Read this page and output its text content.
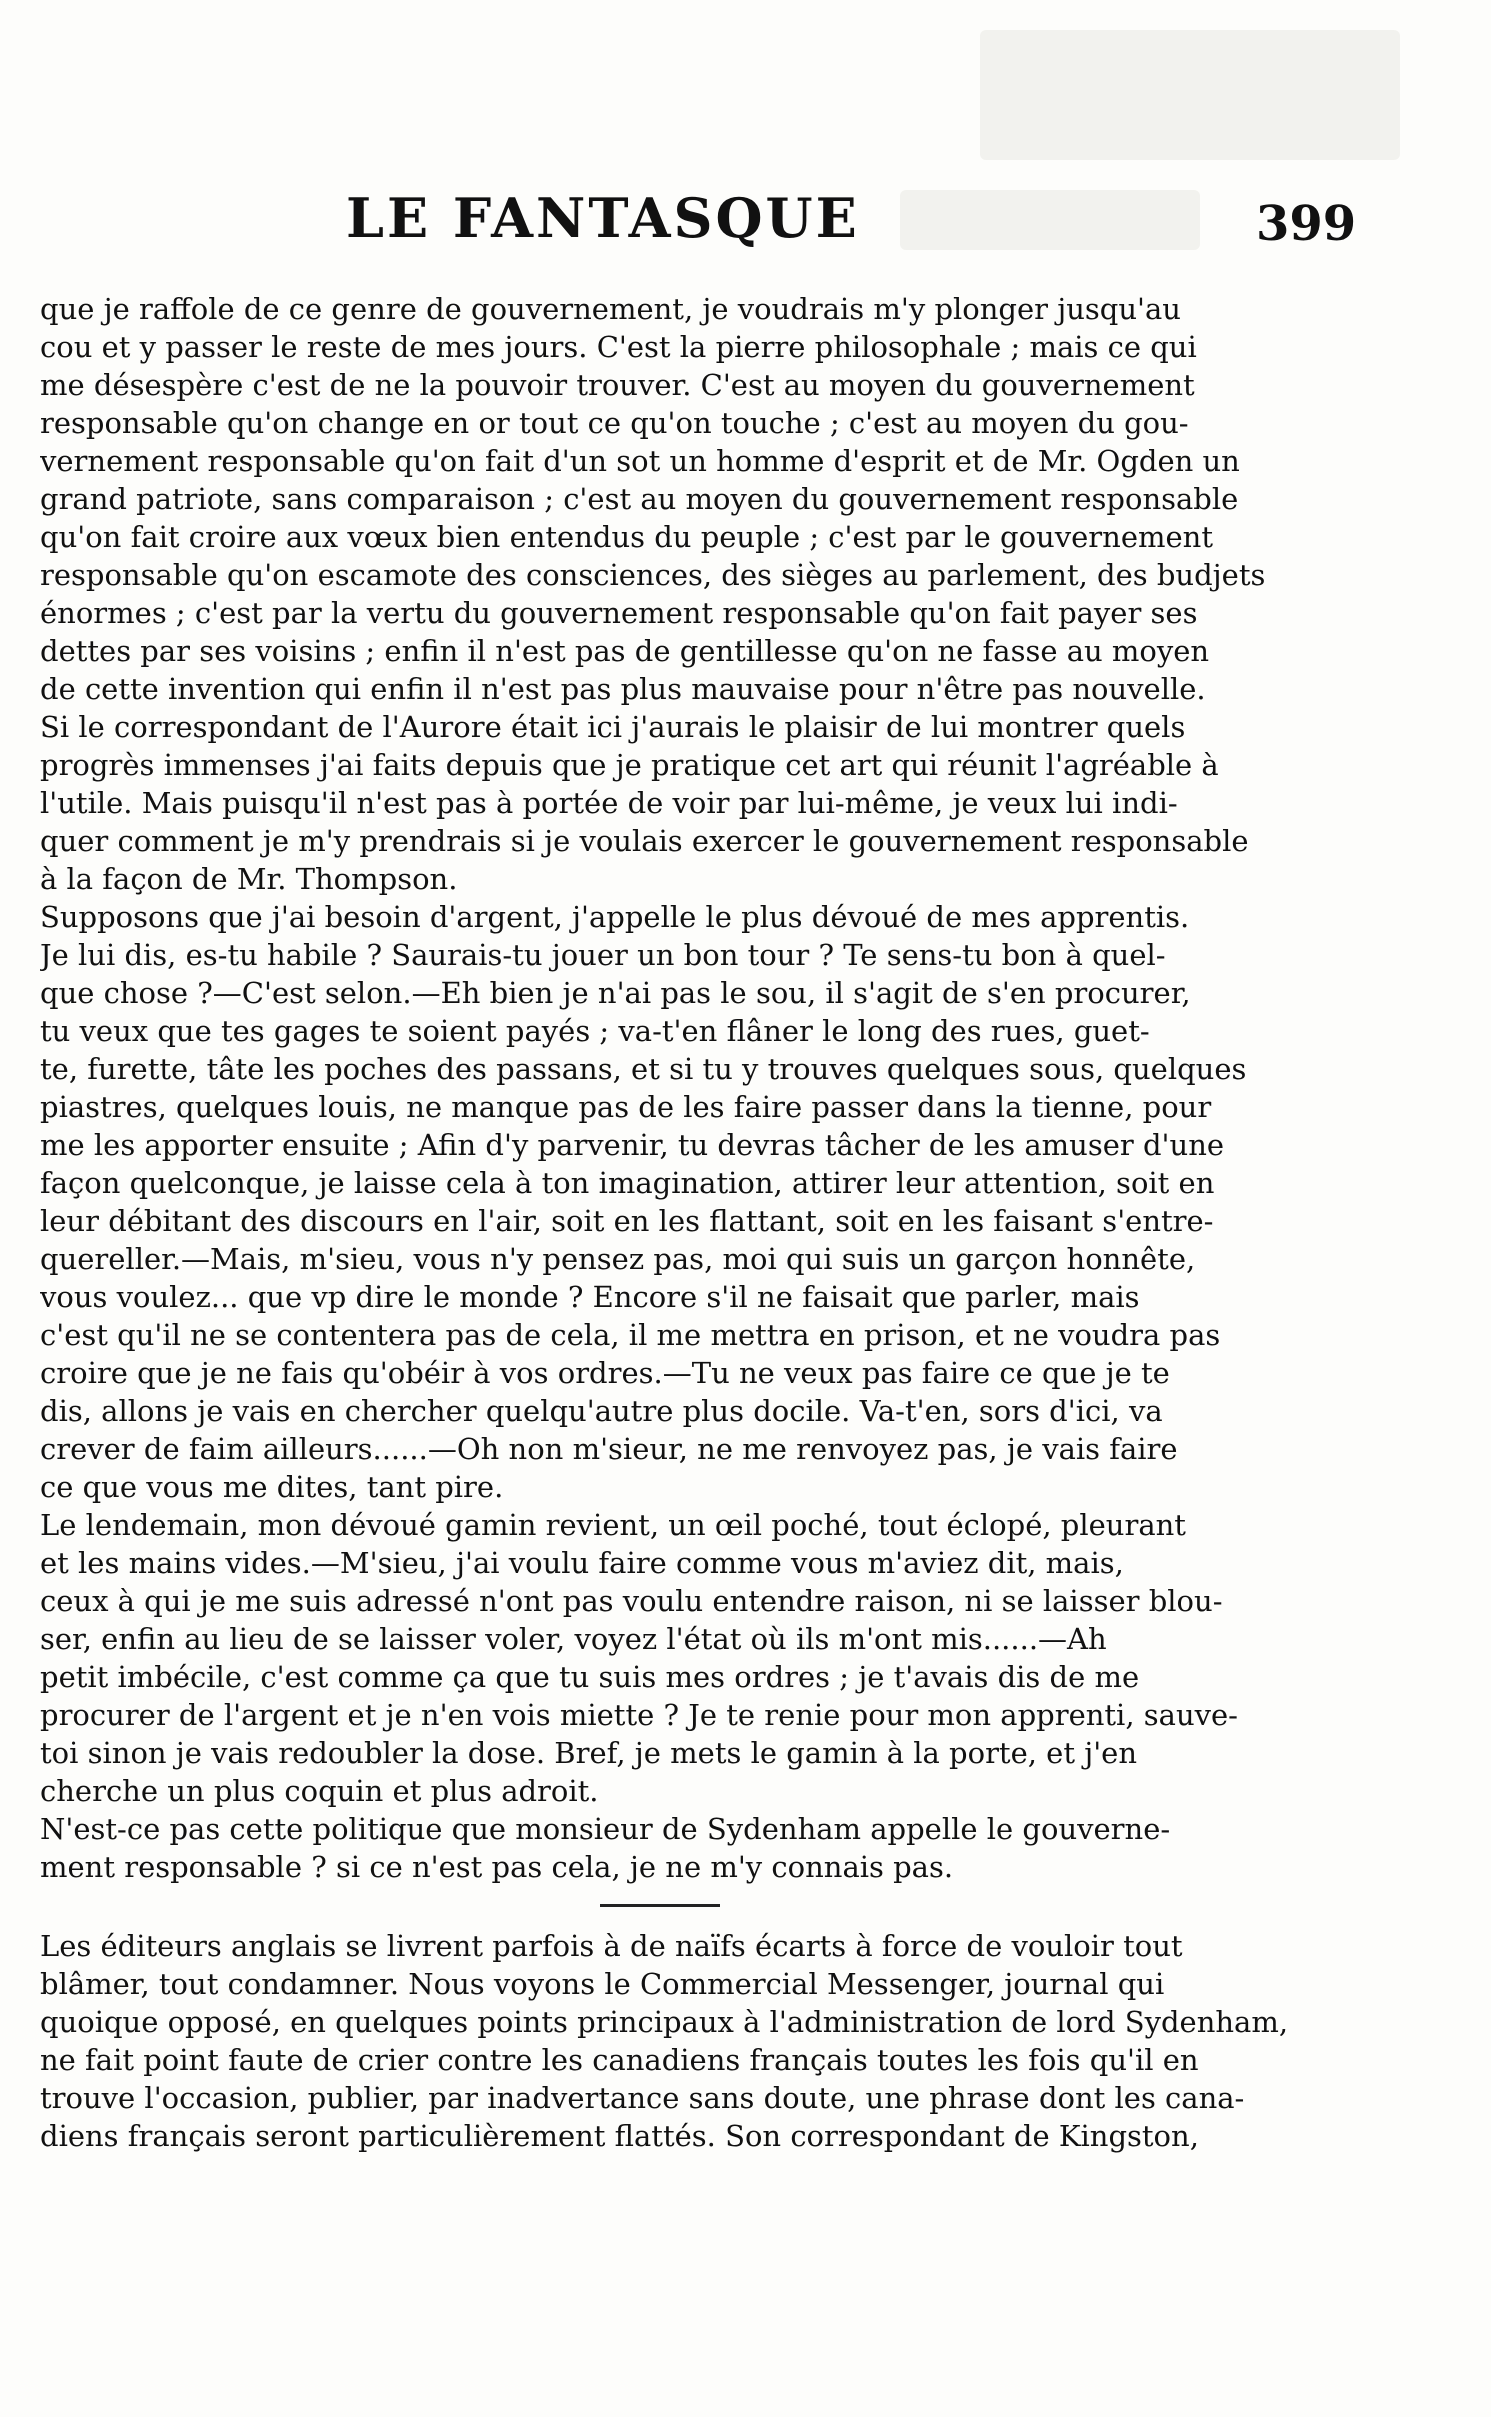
LE FANTASQUE	399
que je raffole de ce genre de gouvernement, je voudrais m'y plonger jusqu'au
cou et y passer le reste de mes jours. C'est la pierre philosophale ; mais ce qui
me désespère c'est de ne la pouvoir trouver. C'est au moyen du gouvernement
responsable qu'on change en or tout ce qu'on touche ; c'est au moyen du gou-
vernement responsable qu'on fait d'un sot un homme d'esprit et de Mr. Ogden un
grand patriote, sans comparaison ; c'est au moyen du gouvernement responsable
qu'on fait croire aux vœux bien entendus du peuple ; c'est par le gouvernement
responsable qu'on escamote des consciences, des sièges au parlement, des budjets
énormes ; c'est par la vertu du gouvernement responsable qu'on fait payer ses
dettes par ses voisins ; enfin il n'est pas de gentillesse qu'on ne fasse au moyen
de cette invention qui enfin il n'est pas plus mauvaise pour n'être pas nouvelle.
Si le correspondant de l'Aurore était ici j'aurais le plaisir de lui montrer quels
progrès immenses j'ai faits depuis que je pratique cet art qui réunit l'agréable à
l'utile. Mais puisqu'il n'est pas à portée de voir par lui-même, je veux lui indi-
quer comment je m'y prendrais si je voulais exercer le gouvernement responsable
à la façon de Mr. Thompson.
Supposons que j'ai besoin d'argent, j'appelle le plus dévoué de mes apprentis.
Je lui dis, es-tu habile ? Saurais-tu jouer un bon tour ? Te sens-tu bon à quel-
que chose ?—C'est selon.—Eh bien je n'ai pas le sou, il s'agit de s'en procurer,
tu veux que tes gages te soient payés ; va-t'en flâner le long des rues, guet-
te, furette, tâte les poches des passans, et si tu y trouves quelques sous, quelques
piastres, quelques louis, ne manque pas de les faire passer dans la tienne, pour
me les apporter ensuite ; Afin d'y parvenir, tu devras tâcher de les amuser d'une
façon quelconque, je laisse cela à ton imagination, attirer leur attention, soit en
leur débitant des discours en l'air, soit en les flattant, soit en les faisant s'entre-
quereller.—Mais, m'sieu, vous n'y pensez pas, moi qui suis un garçon honnête,
vous voulez... que vp dire le monde ? Encore s'il ne faisait que parler, mais
c'est qu'il ne se contentera pas de cela, il me mettra en prison, et ne voudra pas
croire que je ne fais qu'obéir à vos ordres.—Tu ne veux pas faire ce que je te
dis, allons je vais en chercher quelqu'autre plus docile. Va-t'en, sors d'ici, va
crever de faim ailleurs......—Oh non m'sieur, ne me renvoyez pas, je vais faire
ce que vous me dites, tant pire.
Le lendemain, mon dévoué gamin revient, un œil poché, tout éclopé, pleurant
et les mains vides.—M'sieu, j'ai voulu faire comme vous m'aviez dit, mais,
ceux à qui je me suis adressé n'ont pas voulu entendre raison, ni se laisser blou-
ser, enfin au lieu de se laisser voler, voyez l'état où ils m'ont mis......—Ah
petit imbécile, c'est comme ça que tu suis mes ordres ; je t'avais dis de me
procurer de l'argent et je n'en vois miette ? Je te renie pour mon apprenti, sauve-
toi sinon je vais redoubler la dose. Bref, je mets le gamin à la porte, et j'en
cherche un plus coquin et plus adroit.
N'est-ce pas cette politique que monsieur de Sydenham appelle le gouverne-
ment responsable ? si ce n'est pas cela, je ne m'y connais pas.
Les éditeurs anglais se livrent parfois à de naïfs écarts à force de vouloir tout
blâmer, tout condamner. Nous voyons le Commercial Messenger, journal qui
quoique opposé, en quelques points principaux à l'administration de lord Sydenham,
ne fait point faute de crier contre les canadiens français toutes les fois qu'il en
trouve l'occasion, publier, par inadvertance sans doute, une phrase dont les cana-
diens français seront particulièrement flattés. Son correspondant de Kingston,
